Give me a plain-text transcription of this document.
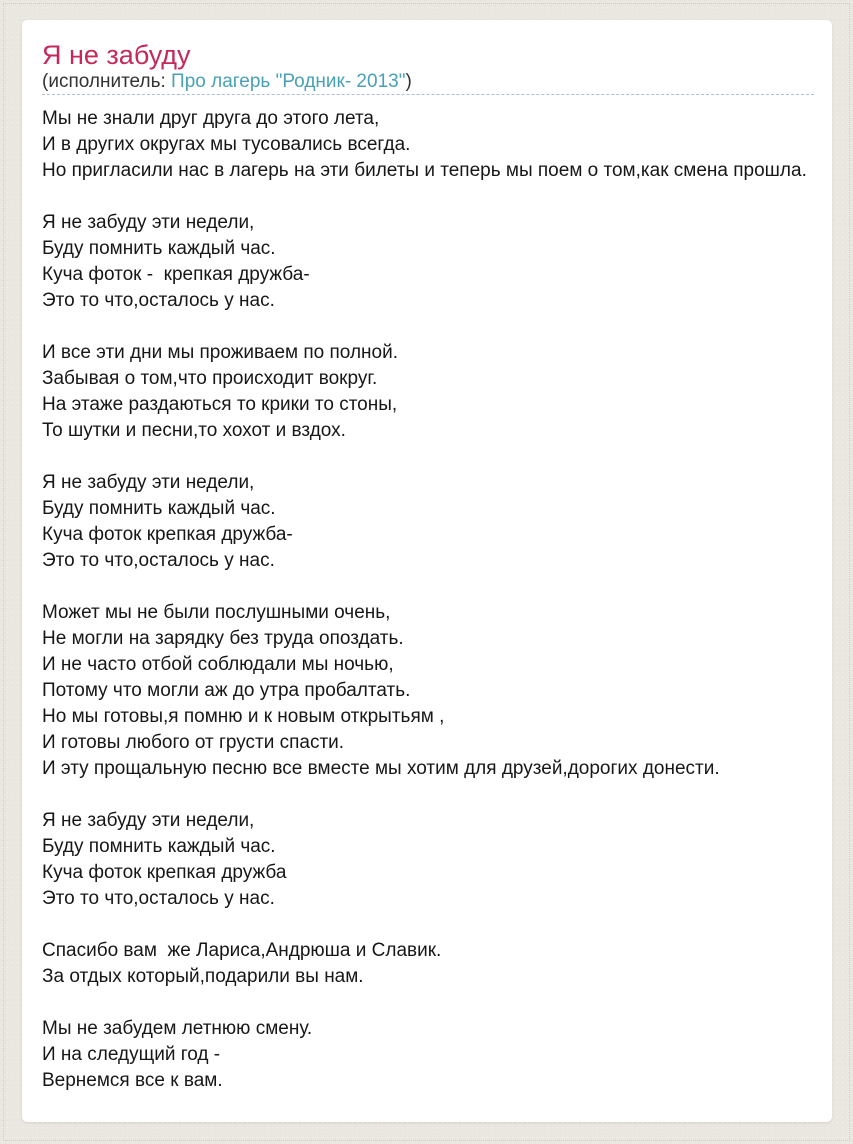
Я не забуду
(исполнитель: Про лагерь "Родник- 2013")
Мы не знали друг друга до этого лета,
И в других округах мы тусовались всегда.
Но пригласили нас в лагерь на эти билеты и теперь мы поем о том,как смена прошла.
Я не забуду эти недели,
Буду помнить каждый час.
Куча фоток -  крепкая дружба-
Это то что,осталось у нас.
И все эти дни мы проживаем по полной.
Забывая о том,что происходит вокруг.
На этаже раздаються то крики то стоны,
То шутки и песни,то хохот и вздох.
Я не забуду эти недели,
Буду помнить каждый час.
Куча фоток крепкая дружба-
Это то что,осталось у нас.
Может мы не были послушными очень,
Не могли на зарядку без труда опоздать.
И не часто отбой соблюдали мы ночью,
Потому что могли аж до утра пробалтать.
Но мы готовы,я помню и к новым открытьям ,
И готовы любого от грусти спасти.
И эту прощальную песню все вместе мы хотим для друзей,дорогих донести.
Я не забуду эти недели,
Буду помнить каждый час.
Куча фоток крепкая дружба
Это то что,осталось у нас.
Спасибо вам  же Лариса,Андрюша и Славик.
За отдых который,подарили вы нам.
Мы не забудем летнюю смену.
И на следущий год -
Вернемся все к вам.
